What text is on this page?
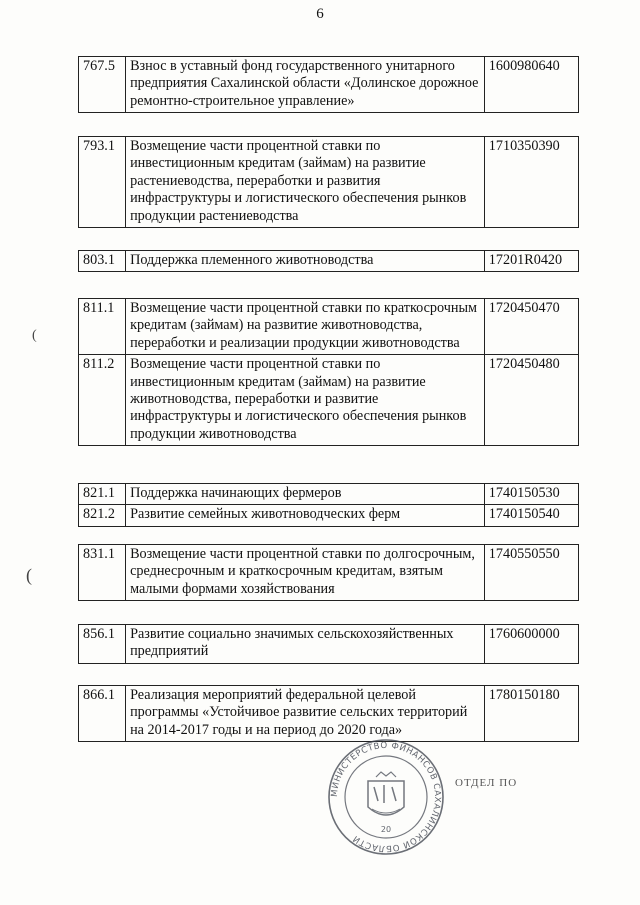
6
(
(
767.5	Взнос в уставный фонд государственного унитарного предприятия Сахалинской области «Долинское дорожное ремонтно-строительное управление»	1600980640
793.1	Возмещение части процентной ставки по инвестиционным кредитам (займам) на развитие растениеводства, переработки и развития инфраструктуры и логистического обеспечения рынков продукции растениеводства	1710350390
803.1	Поддержка племенного животноводства	17201R0420
811.1	Возмещение части процентной ставки по краткосрочным кредитам (займам) на развитие животноводства, переработки и реализации продукции животноводства	1720450470
811.2	Возмещение части процентной ставки по инвестиционным кредитам (займам) на развитие животноводства, переработки и развитие инфраструктуры и логистического обеспечения рынков продукции животноводства	1720450480
821.1	Поддержка начинающих фермеров	1740150530
821.2	Развитие семейных животноводческих ферм	1740150540
831.1	Возмещение части процентной ставки по долгосрочным, среднесрочным и краткосрочным кредитам, взятым малыми формами хозяйствования	1740550550
856.1	Развитие социально значимых сельскохозяйственных предприятий	1760600000
866.1	Реализация мероприятий федеральной целевой программы «Устойчивое развитие сельских территорий на 2014-2017 годы и на период до 2020 года»	1780150180
МИНИСТЕРСТВО ФИНАНСОВ САХАЛИНСКОЙ ОБЛАСТИ
20
ОТДЕЛ ПО
